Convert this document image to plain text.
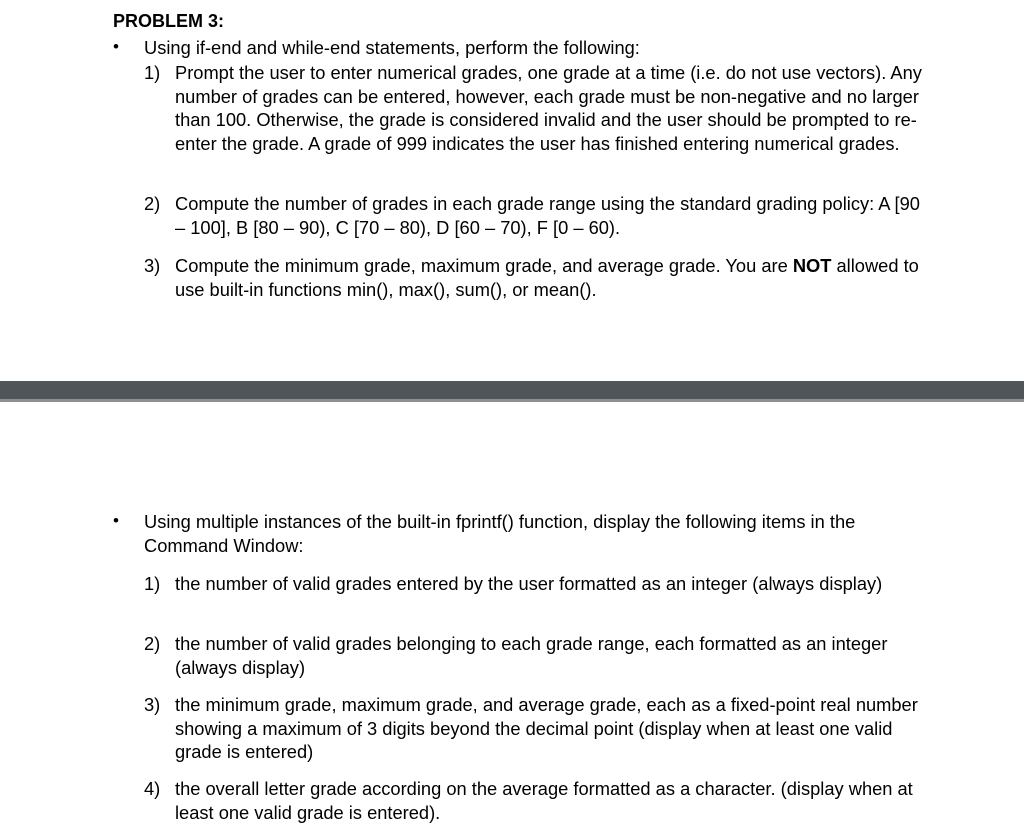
PROBLEM 3:
• Using if-end and while-end statements, perform the following:
1) Prompt the user to enter numerical grades, one grade at a time (i.e. do not use vectors). Any number of grades can be entered, however, each grade must be non-negative and no larger than 100. Otherwise, the grade is considered invalid and the user should be prompted to re-enter the grade. A grade of 999 indicates the user has finished entering numerical grades.
2) Compute the number of grades in each grade range using the standard grading policy: A [90 – 100], B [80 – 90), C [70 – 80), D [60 – 70), F [0 – 60).
3) Compute the minimum grade, maximum grade, and average grade. You are NOT allowed to use built-in functions min(), max(), sum(), or mean().
• Using multiple instances of the built-in fprintf() function, display the following items in the Command Window:
1) the number of valid grades entered by the user formatted as an integer (always display)
2) the number of valid grades belonging to each grade range, each formatted as an integer (always display)
3) the minimum grade, maximum grade, and average grade, each as a fixed-point real number showing a maximum of 3 digits beyond the decimal point (display when at least one valid grade is entered)
4) the overall letter grade according on the average formatted as a character. (display when at least one valid grade is entered).
